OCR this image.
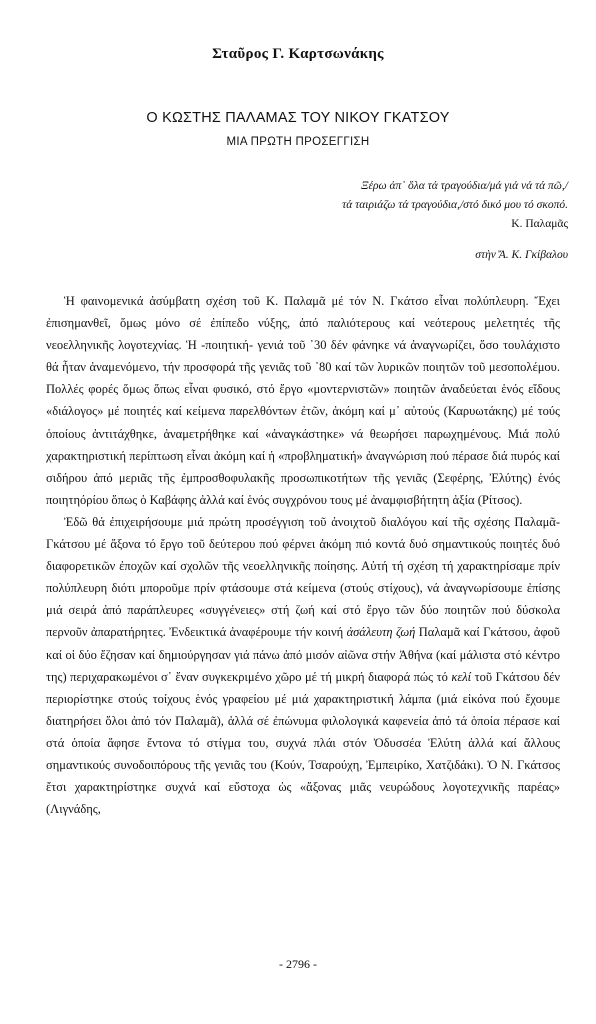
Σταῦρος Γ. Καρτσωνάκης
Ο ΚΩΣΤΗΣ ΠΑΛΑΜΑΣ ΤΟΥ ΝΙΚΟΥ ΓΚΑΤΣΟΥ
ΜΙΑ ΠΡΩΤΗ ΠΡΟΣΕΓΓΙΣΗ
Ξέρω ἀπ᾽ ὅλα τά τραγούδια/μά γιά νά τά πῶ,/
τά ταιριάζω τά τραγούδια,/στό δικό μου τό σκοπό.
Κ. Παλαμᾶς
στὴν Ἄ. Κ. Γκίβαλου

Ἡ φαινομενικά ἀσύμβατη σχέση τοῦ Κ. Παλαμᾶ μέ τόν Ν. Γκάτσο εἶναι πολύπλευρη. Ἔχει ἐπισημανθεῖ, ὅμως μόνο σέ ἐπίπεδο νύξης, ἀπό παλιότερους καί νεότερους μελετητές τῆς νεοελληνικῆς λογοτεχνίας. Ἡ -ποιητική- γενιά τοῦ ᾽30 δέν φάνηκε νά ἀναγνωρίζει, ὅσο τουλάχιστο θά ἦταν ἀναμενόμενο, τήν προσφορά τῆς γενιᾶς τοῦ ᾽80 καί τῶν λυρικῶν ποιητῶν τοῦ μεσοπολέμου. Πολλές φορές ὅμως ὅπως εἶναι φυσικό, στό ἔργο «μοντερνιστῶν» ποιητῶν ἀναδεύεται ἑνός εἴδους «διάλογος» μέ ποιητές καί κείμενα παρελθόντων ἐτῶν, ἀκόμη καί μ᾽ αὐτούς (Καρυωτάκης) μέ τούς ὁποίους ἀντιτάχθηκε, ἀναμετρήθηκε καί «ἀναγκάστηκε» νά θεωρήσει παρωχημένους. Μιά πολύ χαρακτηριστική περίπτωση εἶναι ἀκόμη καί ἡ «προβληματική» ἀναγνώριση πού πέρασε διά πυρός καί σιδήρου ἀπό μεριᾶς τῆς ἐμπροσθοφυλακῆς προσωπικοτήτων τῆς γενιᾶς (Σεφέρης, Ἐλύτης) ἑνός ποιητηόρίου ὅπως ὁ Καβάφης ἀλλά καί ἑνός συγχρόνου τους μέ ἀναμφισβήτητη ἀξία (Ρίτσος).

Ἐδῶ θά ἐπιχειρήσουμε μιά πρώτη προσέγγιση τοῦ ἀνοιχτοῦ διαλόγου καί τῆς σχέσης Παλαμᾶ-Γκάτσου μέ ἄξονα τό ἔργο τοῦ δεύτερου πού φέρνει ἀκόμη πιό κοντά δυό σημαντικούς ποιητές δυό διαφορετικῶν ἐποχῶν καί σχολῶν τῆς νεοελληνικῆς ποίησης. Αὐτή τή σχέση τή χαρακτηρίσαμε πρίν πολύπλευρη διότι μποροῦμε πρίν φτάσουμε στά κείμενα (στούς στίχους), νά ἀναγνωρίσουμε ἐπίσης μιά σειρά ἀπό παράπλευρες «συγγένειες» στή ζωή καί στό ἔργο τῶν δύο ποιητῶν πού δύσκολα περνοῦν ἀπαρατήρητες. Ἐνδεικτικά ἀναφέρουμε τήν κοινή ἀσάλευτη ζωή Παλαμᾶ καί Γκάτσου, ἀφοῦ καί οἱ δύο ἔζησαν καί δημιούργησαν γιά πάνω ἀπό μισόν αἰῶνα στήν Ἀθήνα (καί μάλιστα στό κέντρο της) περιχαρακωμένοι σ᾽ ἕναν συγκεκριμένο χῶρο μέ τή μικρή διαφορά πώς τό κελί τοῦ Γκάτσου δέν περιορίστηκε στούς τοίχους ἑνός γραφείου μέ μιά χαρακτηριστική λάμπα (μιά εἰκόνα πού ἔχουμε διατηρήσει ὅλοι ἀπό τόν Παλαμᾶ), ἀλλά σέ ἐπώνυμα φιλολογικά καφενεία ἀπό τά ὁποία πέρασε καί στά ὁποία ἄφησε ἔντονα τό στίγμα του, συχνά πλάι στόν Ὀδυσσέα Ἐλύτη ἀλλά καί ἄλλους σημαντικούς συνοδοιπόρους τῆς γενιᾶς του (Κούν, Τσαρούχη, Ἐμπειρίκο, Χατζιδάκι). Ὁ Ν. Γκάτσος ἔτσι χαρακτηρίστηκε συχνά καί εὔστοχα ὡς «ἄξονας μιᾶς νευρώδους λογοτεχνικῆς παρέας» (Λιγνάδης,

- 2796 -
